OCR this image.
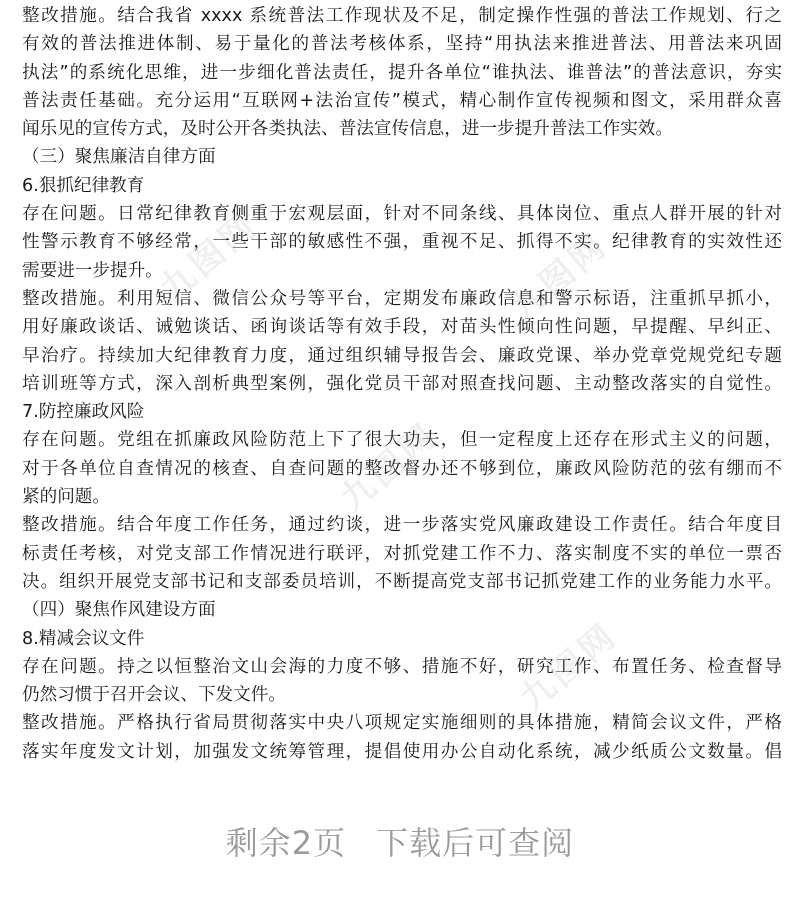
整改措施。结合我省 xxxx 系统普法工作现状及不足，制定操作性强的普法工作规划、行之
有效的普法推进体制、易于量化的普法考核体系，坚持“用执法来推进普法、用普法来巩固
执法”的系统化思维，进一步细化普法责任，提升各单位“谁执法、谁普法”的普法意识，夯实
普法责任基础。充分运用“互联网+法治宣传”模式，精心制作宣传视频和图文，采用群众喜
闻乐见的宣传方式，及时公开各类执法、普法宣传信息，进一步提升普法工作实效。
（三）聚焦廉洁自律方面
6.狠抓纪律教育
存在问题。日常纪律教育侧重于宏观层面，针对不同条线、具体岗位、重点人群开展的针对
性警示教育不够经常，一些干部的敏感性不强，重视不足、抓得不实。纪律教育的实效性还
需要进一步提升。
整改措施。利用短信、微信公众号等平台，定期发布廉政信息和警示标语，注重抓早抓小，
用好廉政谈话、诫勉谈话、函询谈话等有效手段，对苗头性倾向性问题，早提醒、早纠正、
早治疗。持续加大纪律教育力度，通过组织辅导报告会、廉政党课、举办党章党规党纪专题
培训班等方式，深入剖析典型案例，强化党员干部对照查找问题、主动整改落实的自觉性。
7.防控廉政风险
存在问题。党组在抓廉政风险防范上下了很大功夫，但一定程度上还存在形式主义的问题，
对于各单位自查情况的核查、自查问题的整改督办还不够到位，廉政风险防范的弦有绷而不
紧的问题。
整改措施。结合年度工作任务，通过约谈，进一步落实党风廉政建设工作责任。结合年度目
标责任考核，对党支部工作情况进行联评，对抓党建工作不力、落实制度不实的单位一票否
决。组织开展党支部书记和支部委员培训，不断提高党支部书记抓党建工作的业务能力水平。
（四）聚焦作风建设方面
8.精减会议文件
存在问题。持之以恒整治文山会海的力度不够、措施不好，研究工作、布置任务、检查督导
仍然习惯于召开会议、下发文件。
整改措施。严格执行省局贯彻落实中央八项规定实施细则的具体措施，精简会议文件，严格
落实年度发文计划，加强发文统筹管理，提倡使用办公自动化系统，减少纸质公文数量。倡
九图网	九图网
九图网
九图网
剩余2页 下载后可查阅
